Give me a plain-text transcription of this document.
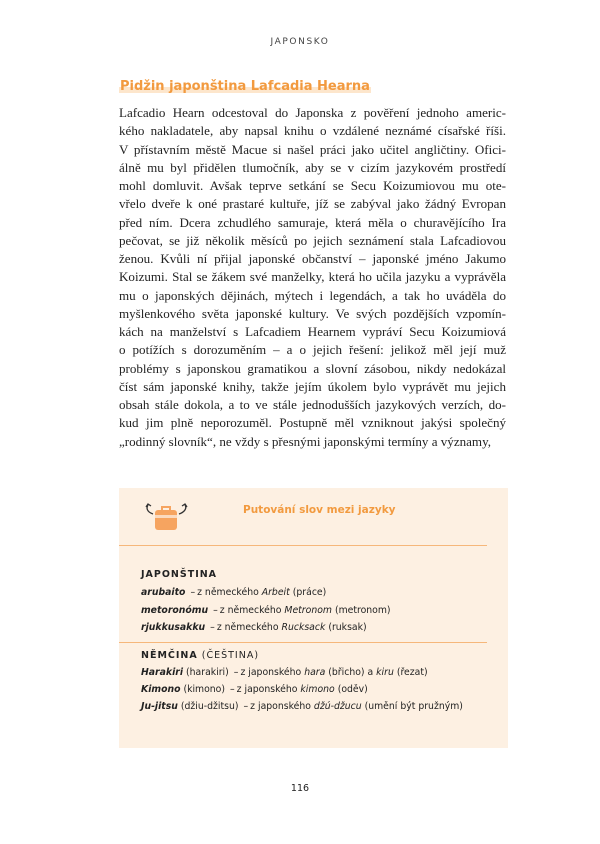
JAPONSKO
Pidžin japonština Lafcadia Hearna

Lafcadio Hearn odcestoval do Japonska z pověření jednoho americ-
kého nakladatele, aby napsal knihu o vzdálené neznámé císařské říši.
V přístavním městě Macue si našel práci jako učitel angličtiny. Ofici-
álně mu byl přidělen tlumočník, aby se v cizím jazykovém prostředí
mohl domluvit. Avšak teprve setkání se Secu Koizumiovou mu ote-
vřelo dveře k oné prastaré kultuře, jíž se zabýval jako žádný Evropan
před ním. Dcera zchudlého samuraje, která měla o churavějícího Ira
pečovat, se již několik měsíců po jejich seznámení stala Lafcadiovou
ženou. Kvůli ní přijal japonské občanství – japonské jméno Jakumo
Koizumi. Stal se žákem své manželky, která ho učila jazyku a vyprávěla
mu o japonských dějinách, mýtech i legendách, a tak ho uváděla do
myšlenkového světa japonské kultury. Ve svých pozdějších vzpomín-
kách na manželství s Lafcadiem Hearnem vypráví Secu Koizumiová
o potížích s dorozuměním – a o jejich řešení: jelikož měl její muž
problémy s japonskou gramatikou a slovní zásobou, nikdy nedokázal
číst sám japonské knihy, takže jejím úkolem bylo vyprávět mu jejich
obsah stále dokola, a to ve stále jednodušších jazykových verzích, do-
kud jim plně neporozuměl. Postupně měl vzniknout jakýsi společný
„rodinný slovník“, ne vždy s přesnými japonskými termíny a významy,

Putování slov mezi jazyky
JAPONŠTINA
arubaito – z německého Arbeit (práce)
metoronómu – z německého Metronom (metronom)
rjukkusakku – z německého Rucksack (ruksak)
NĚMČINA (ČEŠTINA)
Harakiri (harakiri) – z japonského hara (břicho) a kiru (řezat)
Kimono (kimono) – z japonského kimono (oděv)
Ju-jitsu (džiu-džitsu) – z japonského džú-džucu (umění být pružným)
116
